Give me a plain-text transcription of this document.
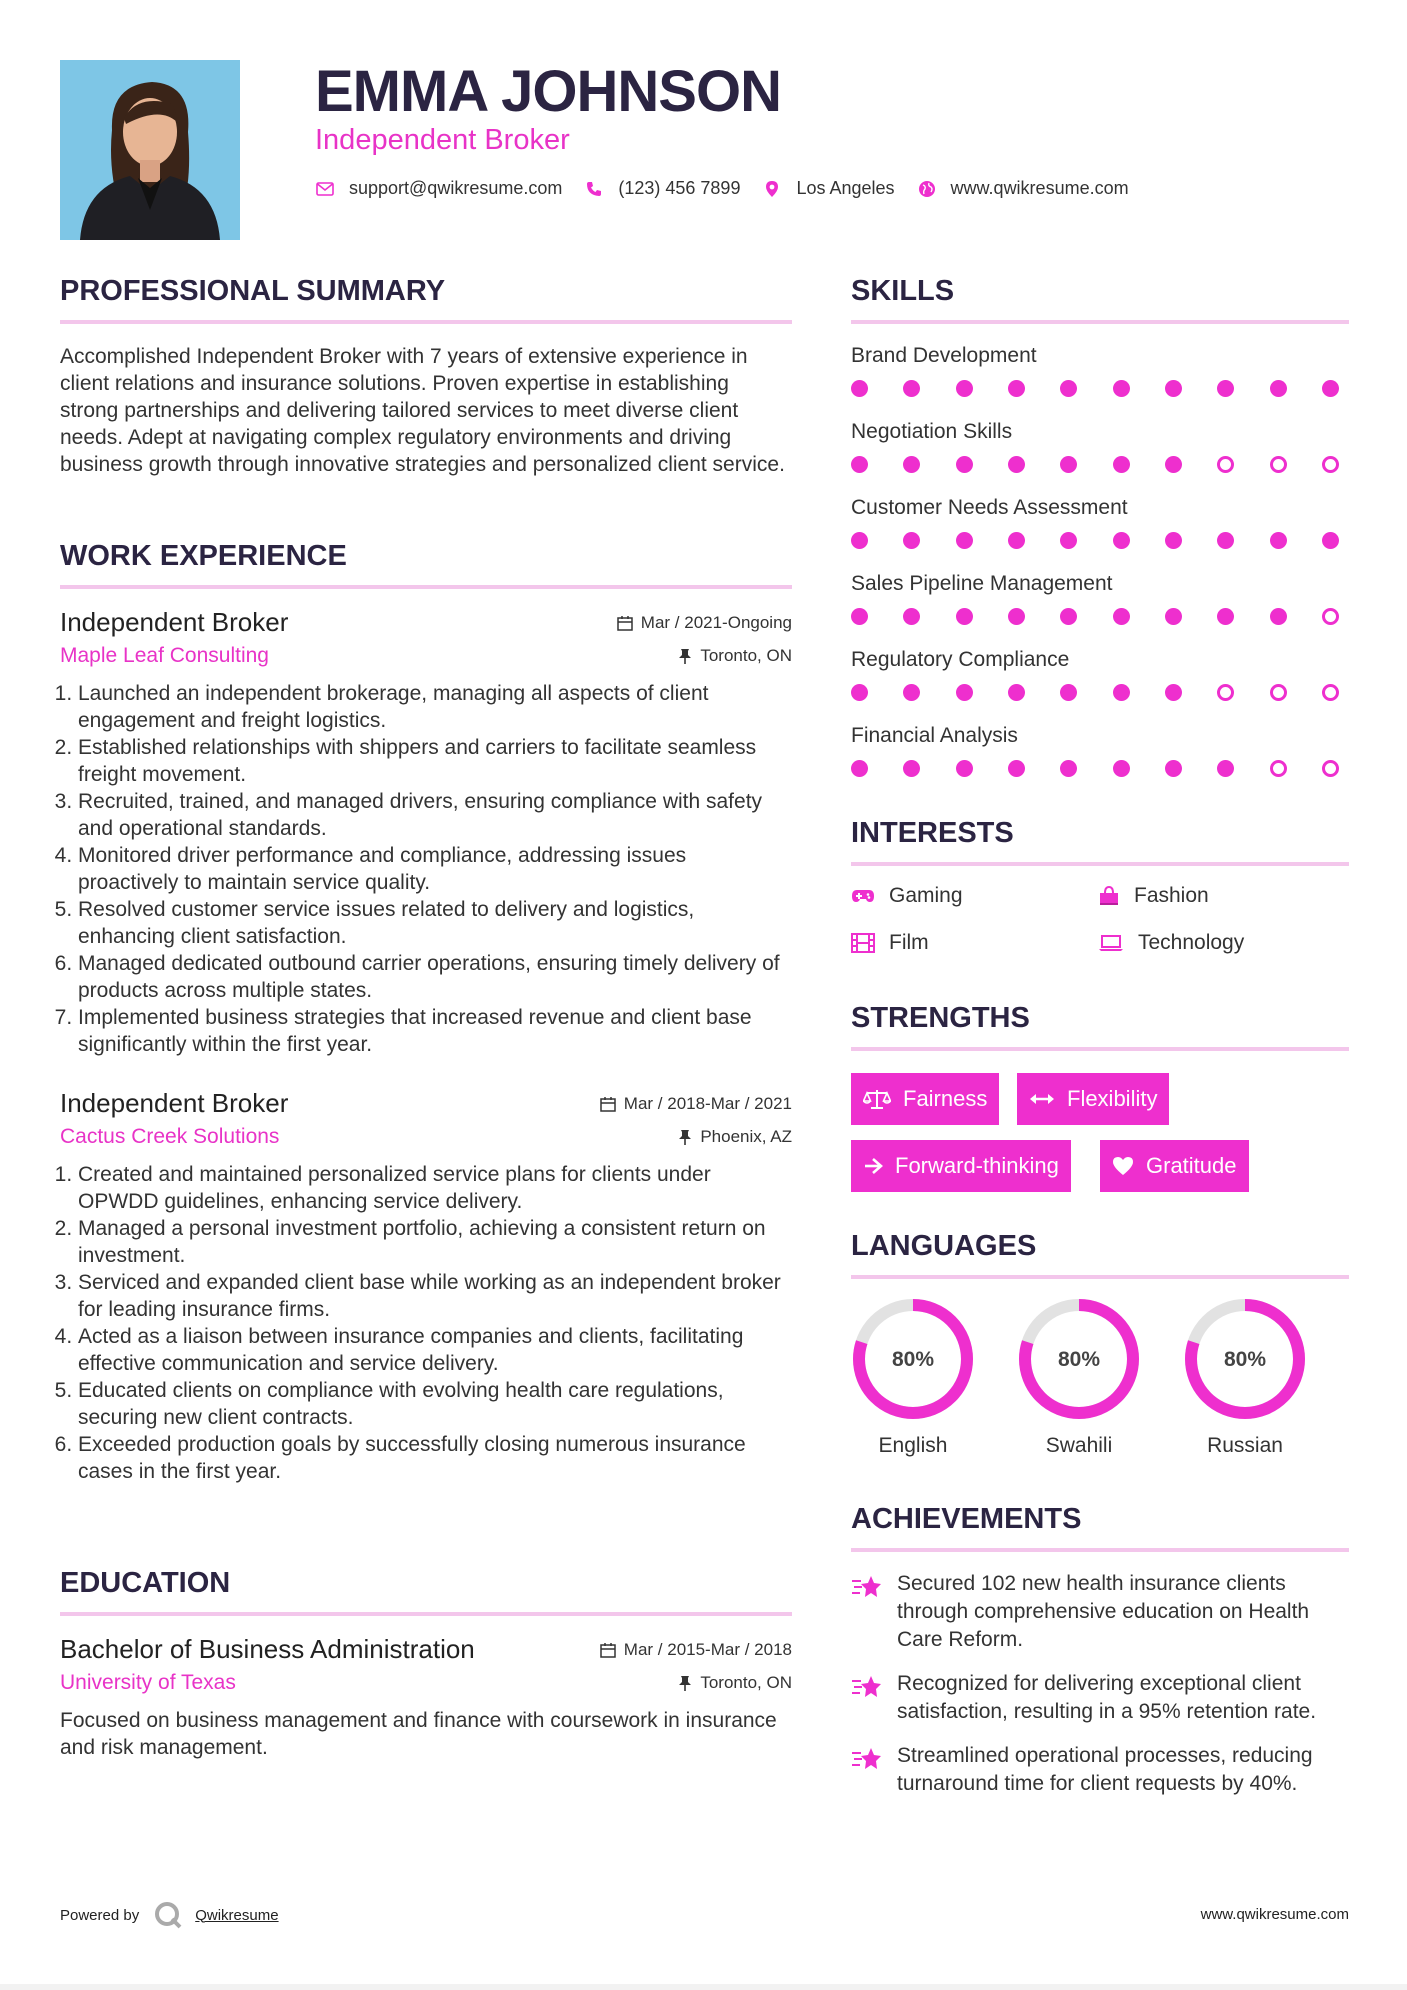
EMMA JOHNSON
Independent Broker
support@qwikresume.com	(123) 456 7899	Los Angeles	www.qwikresume.com
PROFESSIONAL SUMMARY
Accomplished Independent Broker with 7 years of extensive experience in client relations and insurance solutions. Proven expertise in establishing strong partnerships and delivering tailored services to meet diverse client needs. Adept at navigating complex regulatory environments and driving business growth through innovative strategies and personalized client service.
WORK EXPERIENCE
Independent Broker	Mar / 2021-Ongoing
Maple Leaf Consulting	Toronto, ON
1. Launched an independent brokerage, managing all aspects of client engagement and freight logistics.
2. Established relationships with shippers and carriers to facilitate seamless freight movement.
3. Recruited, trained, and managed drivers, ensuring compliance with safety and operational standards.
4. Monitored driver performance and compliance, addressing issues proactively to maintain service quality.
5. Resolved customer service issues related to delivery and logistics, enhancing client satisfaction.
6. Managed dedicated outbound carrier operations, ensuring timely delivery of products across multiple states.
7. Implemented business strategies that increased revenue and client base significantly within the first year.
Independent Broker	Mar / 2018-Mar / 2021
Cactus Creek Solutions	Phoenix, AZ
1. Created and maintained personalized service plans for clients under OPWDD guidelines, enhancing service delivery.
2. Managed a personal investment portfolio, achieving a consistent return on investment.
3. Serviced and expanded client base while working as an independent broker for leading insurance firms.
4. Acted as a liaison between insurance companies and clients, facilitating effective communication and service delivery.
5. Educated clients on compliance with evolving health care regulations, securing new client contracts.
6. Exceeded production goals by successfully closing numerous insurance cases in the first year.
EDUCATION
Bachelor of Business Administration	Mar / 2015-Mar / 2018
University of Texas	Toronto, ON
Focused on business management and finance with coursework in insurance and risk management.
SKILLS
Brand Development
Negotiation Skills
Customer Needs Assessment
Sales Pipeline Management
Regulatory Compliance
Financial Analysis
INTERESTS
Gaming	Fashion
Film	Technology
STRENGTHS
Fairness	Flexibility
Forward-thinking	Gratitude
LANGUAGES
80%
English
80%
Swahili
80%
Russian
ACHIEVEMENTS
Secured 102 new health insurance clients through comprehensive education on Health Care Reform.
Recognized for delivering exceptional client satisfaction, resulting in a 95% retention rate.
Streamlined operational processes, reducing turnaround time for client requests by 40%.
Powered by	Qwikresume	www.qwikresume.com
